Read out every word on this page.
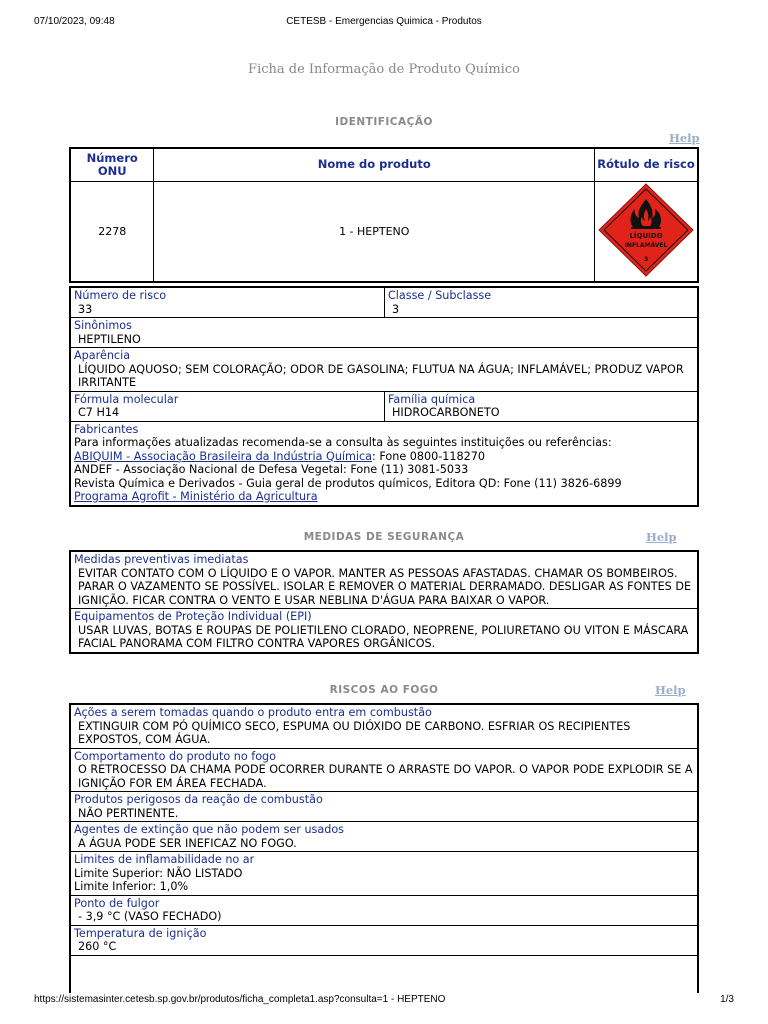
07/10/2023, 09:48	CETESB - Emergencias Quimica - Produtos
Ficha de Informação de Produto Químico
IDENTIFICAÇÃO
Help
Número ONU	Nome do produto	Rótulo de risco
2278	1 - HEPTENO	LÍQUIDO
INFLAMÁVEL
3
Número de risco
33
Classe / Subclasse
3
Sinônimos
HEPTILENO
Aparência
LÍQUIDO AQUOSO; SEM COLORAÇÃO; ODOR DE GASOLINA; FLUTUA NA ÁGUA; INFLAMÁVEL; PRODUZ VAPOR IRRITANTE
Fórmula molecular
C7 H14
Família química
HIDROCARBONETO
Fabricantes
Para informações atualizadas recomenda-se a consulta às seguintes instituições ou referências:
ABIQUIM - Associação Brasileira da Indústria Química: Fone 0800-118270
ANDEF - Associação Nacional de Defesa Vegetal: Fone (11) 3081-5033
Revista Química e Derivados - Guia geral de produtos químicos, Editora QD: Fone (11) 3826-6899
Programa Agrofit - Ministério da Agricultura
MEDIDAS DE SEGURANÇA	Help
Medidas preventivas imediatas
EVITAR CONTATO COM O LÍQUIDO E O VAPOR. MANTER AS PESSOAS AFASTADAS. CHAMAR OS BOMBEIROS. PARAR O VAZAMENTO SE POSSÍVEL. ISOLAR E REMOVER O MATERIAL DERRAMADO. DESLIGAR AS FONTES DE IGNIÇÃO. FICAR CONTRA O VENTO E USAR NEBLINA D'ÁGUA PARA BAIXAR O VAPOR.
Equipamentos de Proteção Individual (EPI)
USAR LUVAS, BOTAS E ROUPAS DE POLIETILENO CLORADO, NEOPRENE, POLIURETANO OU VITON E MÁSCARA FACIAL PANORAMA COM FILTRO CONTRA VAPORES ORGÂNICOS.
RISCOS AO FOGO	Help
Ações a serem tomadas quando o produto entra em combustão
EXTINGUIR COM PÓ QUÍMICO SECO, ESPUMA OU DIÓXIDO DE CARBONO. ESFRIAR OS RECIPIENTES EXPOSTOS, COM ÁGUA.
Comportamento do produto no fogo
O RETROCESSO DA CHAMA PODE OCORRER DURANTE O ARRASTE DO VAPOR. O VAPOR PODE EXPLODIR SE A IGNIÇÃO FOR EM ÁREA FECHADA.
Produtos perigosos da reação de combustão
NÃO PERTINENTE.
Agentes de extinção que não podem ser usados
A ÁGUA PODE SER INEFICAZ NO FOGO.
Limites de inflamabilidade no ar
Limite Superior: NÃO LISTADO
Limite Inferior: 1,0%
Ponto de fulgor
- 3,9 °C (VASO FECHADO)
Temperatura de ignição
260 °C
https://sistemasinter.cetesb.sp.gov.br/produtos/ficha_completa1.asp?consulta=1 - HEPTENO	1/3
